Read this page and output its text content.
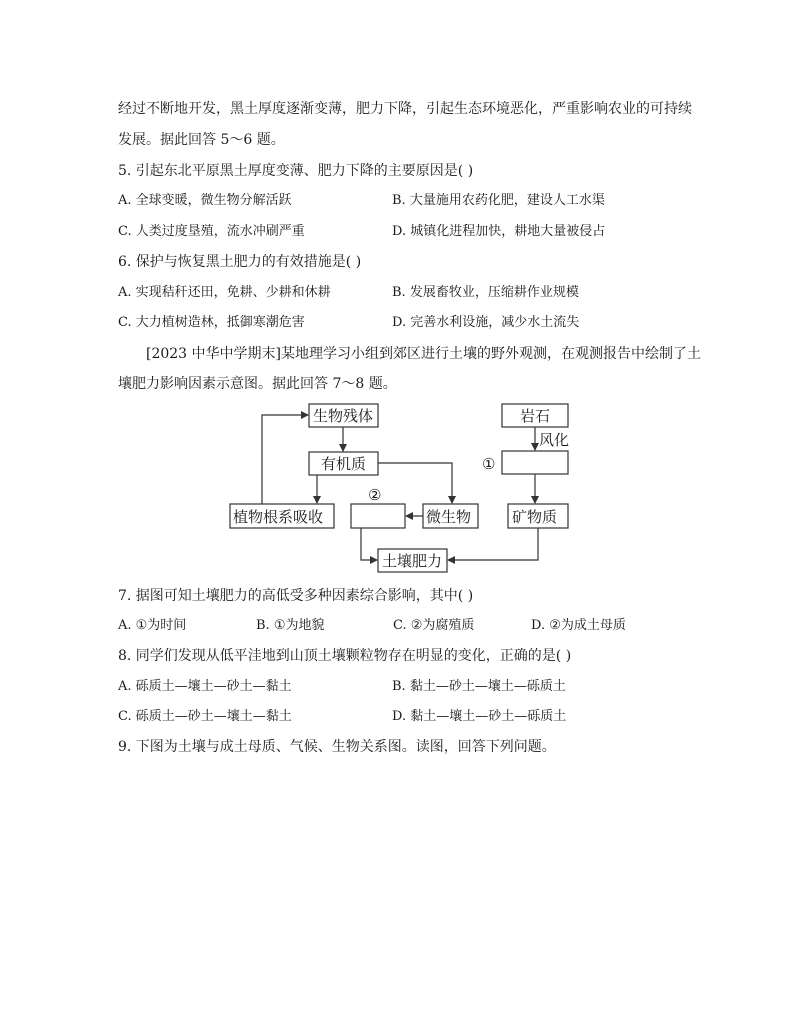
经过不断地开发，黑土厚度逐渐变薄，肥力下降，引起生态环境恶化，严重影响农业的可持续
发展。据此回答 5～6 题。
5. 引起东北平原黑土厚度变薄、肥力下降的主要原因是( )
A. 全球变暖，微生物分解活跃	B. 大量施用农药化肥，建设人工水渠
C. 人类过度垦殖，流水冲刷严重	D. 城镇化进程加快，耕地大量被侵占
6. 保护与恢复黑土肥力的有效措施是( )
A. 实现秸秆还田，免耕、少耕和休耕	B. 发展畜牧业，压缩耕作业规模
C. 大力植树造林，抵御寒潮危害	D. 完善水利设施，减少水土流失
[2023 中华中学期末]某地理学习小组到郊区进行土壤的野外观测，在观测报告中绘制了土
壤肥力影响因素示意图。据此回答 7～8 题。
生物残体
有机质
植物根系吸收	微生物
土壤肥力
岩石
风化
矿物质
①
②
7. 据图可知土壤肥力的高低受多种因素综合影响，其中( )
A. ①为时间	B. ①为地貌	C. ②为腐殖质	D. ②为成土母质
8. 同学们发现从低平洼地到山顶土壤颗粒物存在明显的变化，正确的是( )
A. 砾质土—壤土—砂土—黏土	B. 黏土—砂土—壤土—砾质土
C. 砾质土—砂土—壤土—黏土	D. 黏土—壤土—砂土—砾质土
9. 下图为土壤与成土母质、气候、生物关系图。读图，回答下列问题。
